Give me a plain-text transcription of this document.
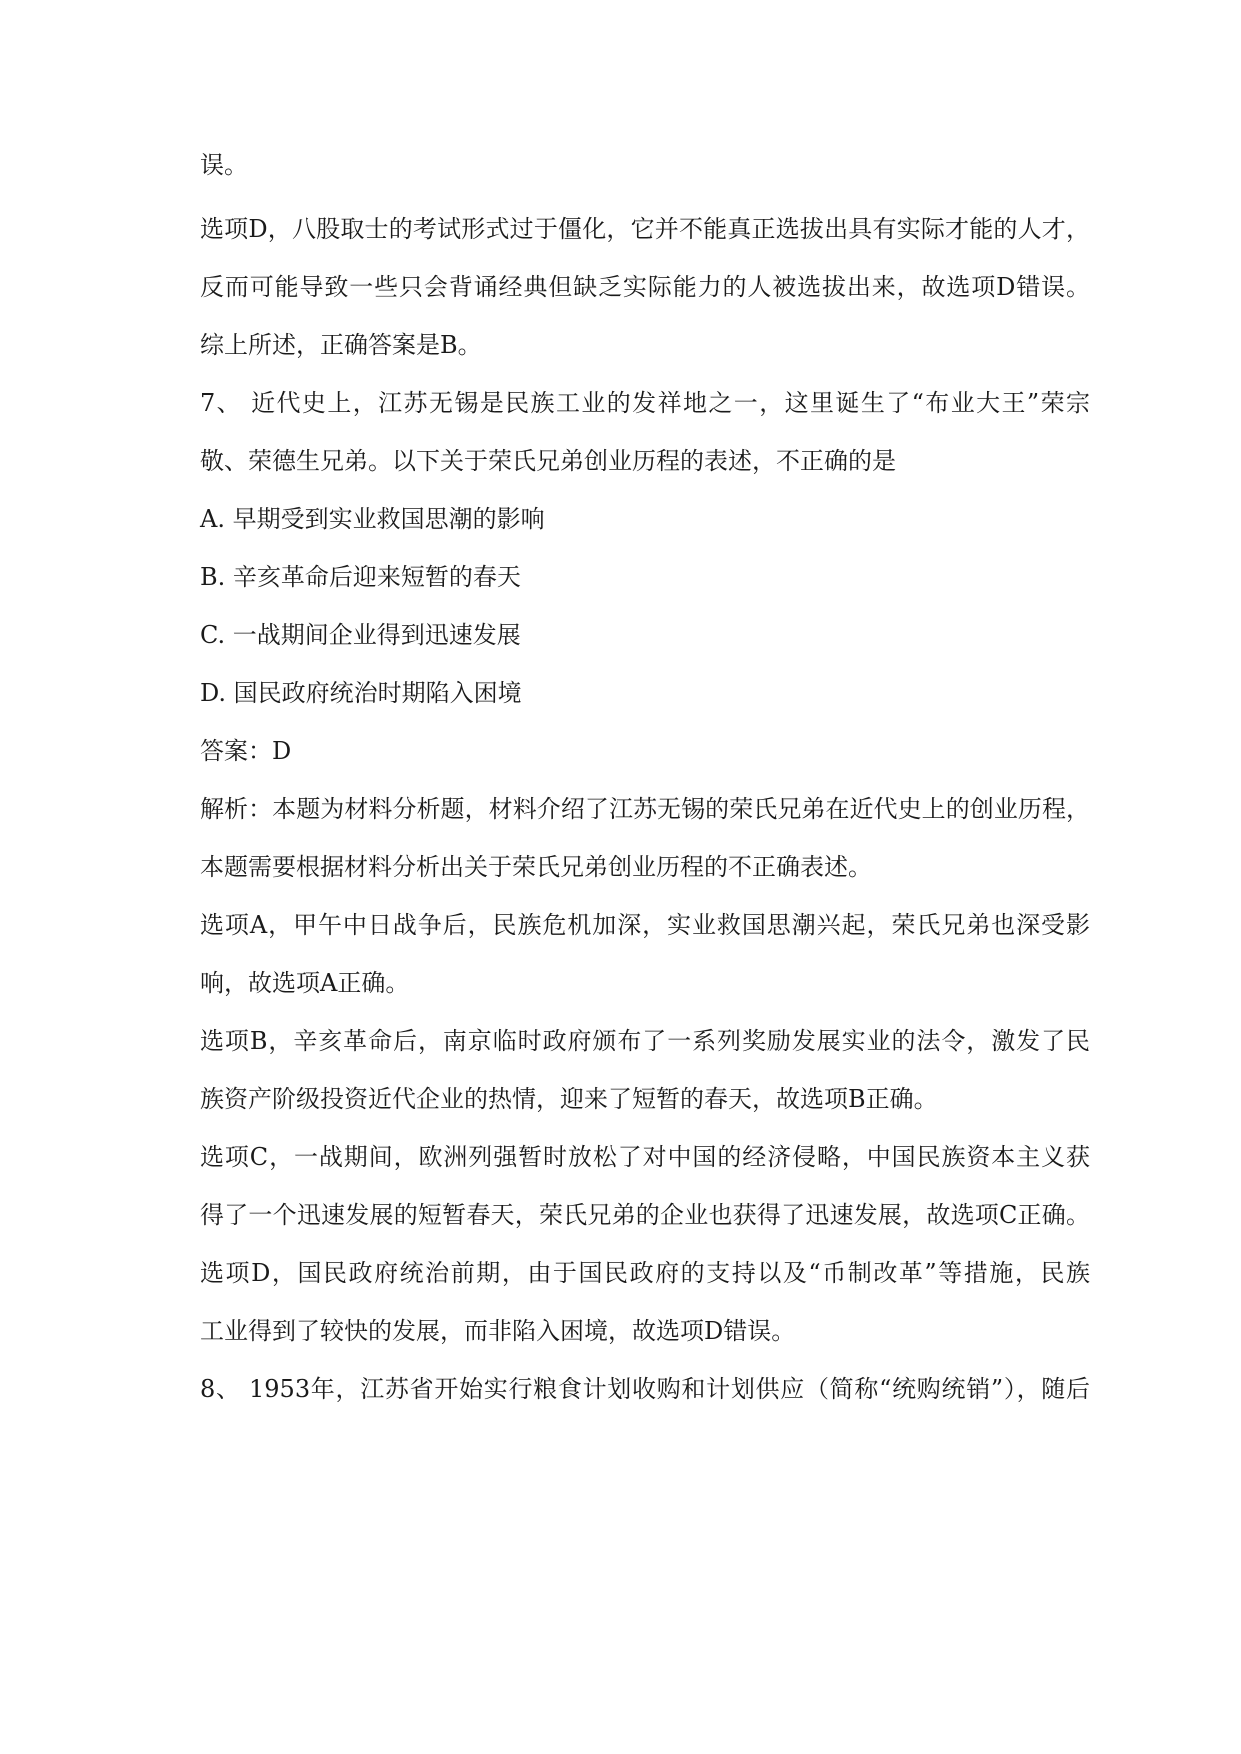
误。
选项D，八股取士的考试形式过于僵化，它并不能真正选拔出具有实际才能的人才，
反而可能导致一些只会背诵经典但缺乏实际能力的人被选拔出来，故选项D错误。
综上所述，正确答案是B。
7、 近代史上，江苏无锡是民族工业的发祥地之一，这里诞生了“布业大王”荣宗
敬、荣德生兄弟。以下关于荣氏兄弟创业历程的表述，不正确的是
A. 早期受到实业救国思潮的影响
B. 辛亥革命后迎来短暂的春天
C. 一战期间企业得到迅速发展
D. 国民政府统治时期陷入困境
答案：D
解析：本题为材料分析题，材料介绍了江苏无锡的荣氏兄弟在近代史上的创业历程，
本题需要根据材料分析出关于荣氏兄弟创业历程的不正确表述。
选项A，甲午中日战争后，民族危机加深，实业救国思潮兴起，荣氏兄弟也深受影
响，故选项A正确。
选项B，辛亥革命后，南京临时政府颁布了一系列奖励发展实业的法令，激发了民
族资产阶级投资近代企业的热情，迎来了短暂的春天，故选项B正确。
选项C，一战期间，欧洲列强暂时放松了对中国的经济侵略，中国民族资本主义获
得了一个迅速发展的短暂春天，荣氏兄弟的企业也获得了迅速发展，故选项C正确。
选项D，国民政府统治前期，由于国民政府的支持以及“币制改革”等措施，民族
工业得到了较快的发展，而非陷入困境，故选项D错误。
8、 1953年，江苏省开始实行粮食计划收购和计划供应（简称“统购统销”），随后
